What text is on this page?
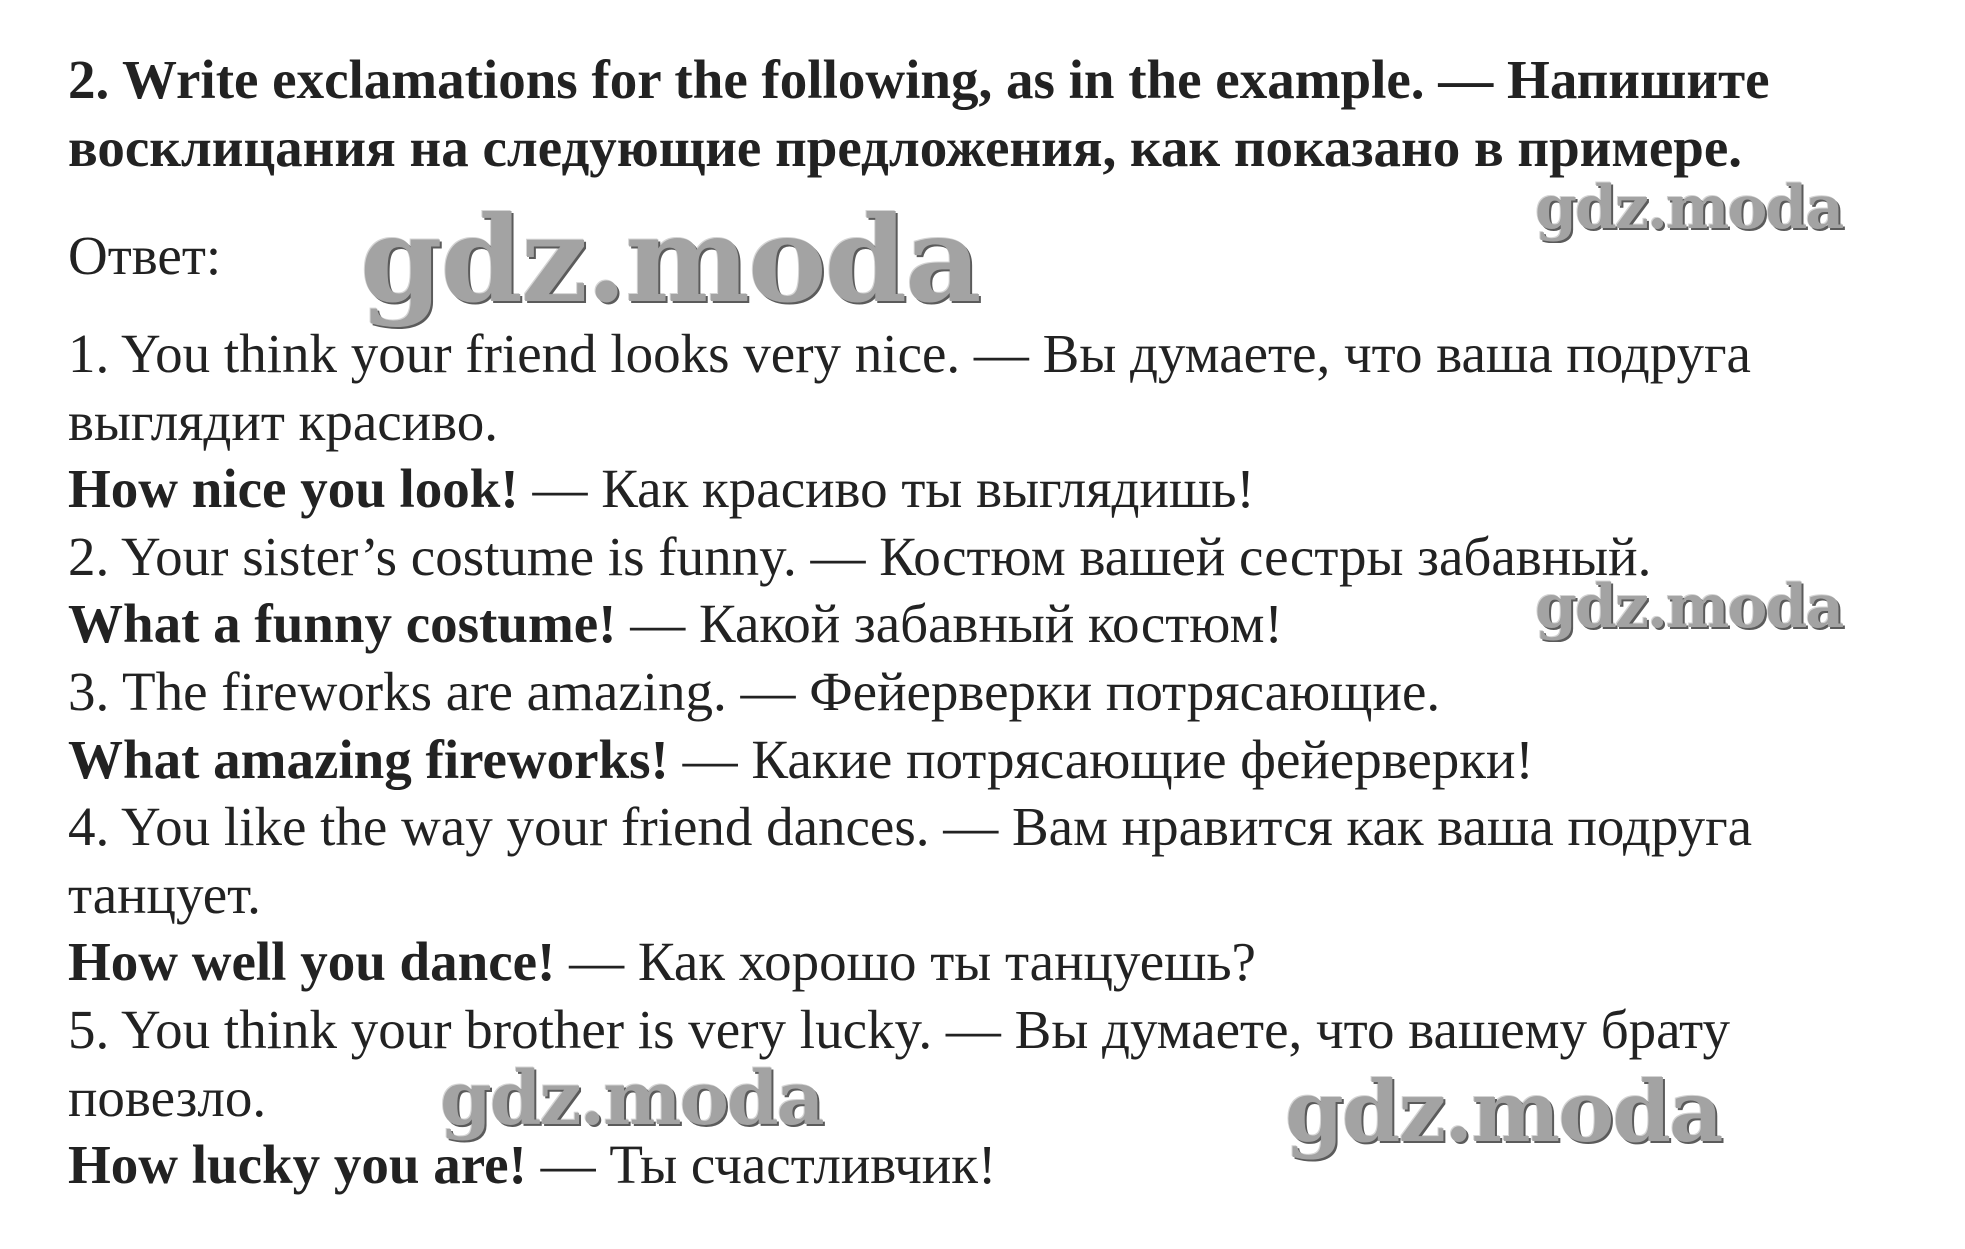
2. Write exclamations for the following, as in the example. — Напишите
восклицания на следующие предложения, как показано в примере.
Ответ:
1. You think your friend looks very nice. — Вы думаете, что ваша подруга
выглядит красиво.
How nice you look! — Как красиво ты выглядишь!
2. Your sister’s costume is funny. — Костюм вашей сестры забавный.
What a funny costume! — Какой забавный костюм!
3. The fireworks are amazing. — Фейерверки потрясающие.
What amazing fireworks! — Какие потрясающие фейерверки!
4. You like the way your friend dances. — Вам нравится как ваша подруга
танцует.
How well you dance! — Как хорошо ты танцуешь?
5. You think your brother is very lucky. — Вы думаете, что вашему брату
повезло.
How lucky you are! — Ты счастливчик!
gdz.moda	gdz.moda
gdz.moda
gdz.moda	gdz.moda
